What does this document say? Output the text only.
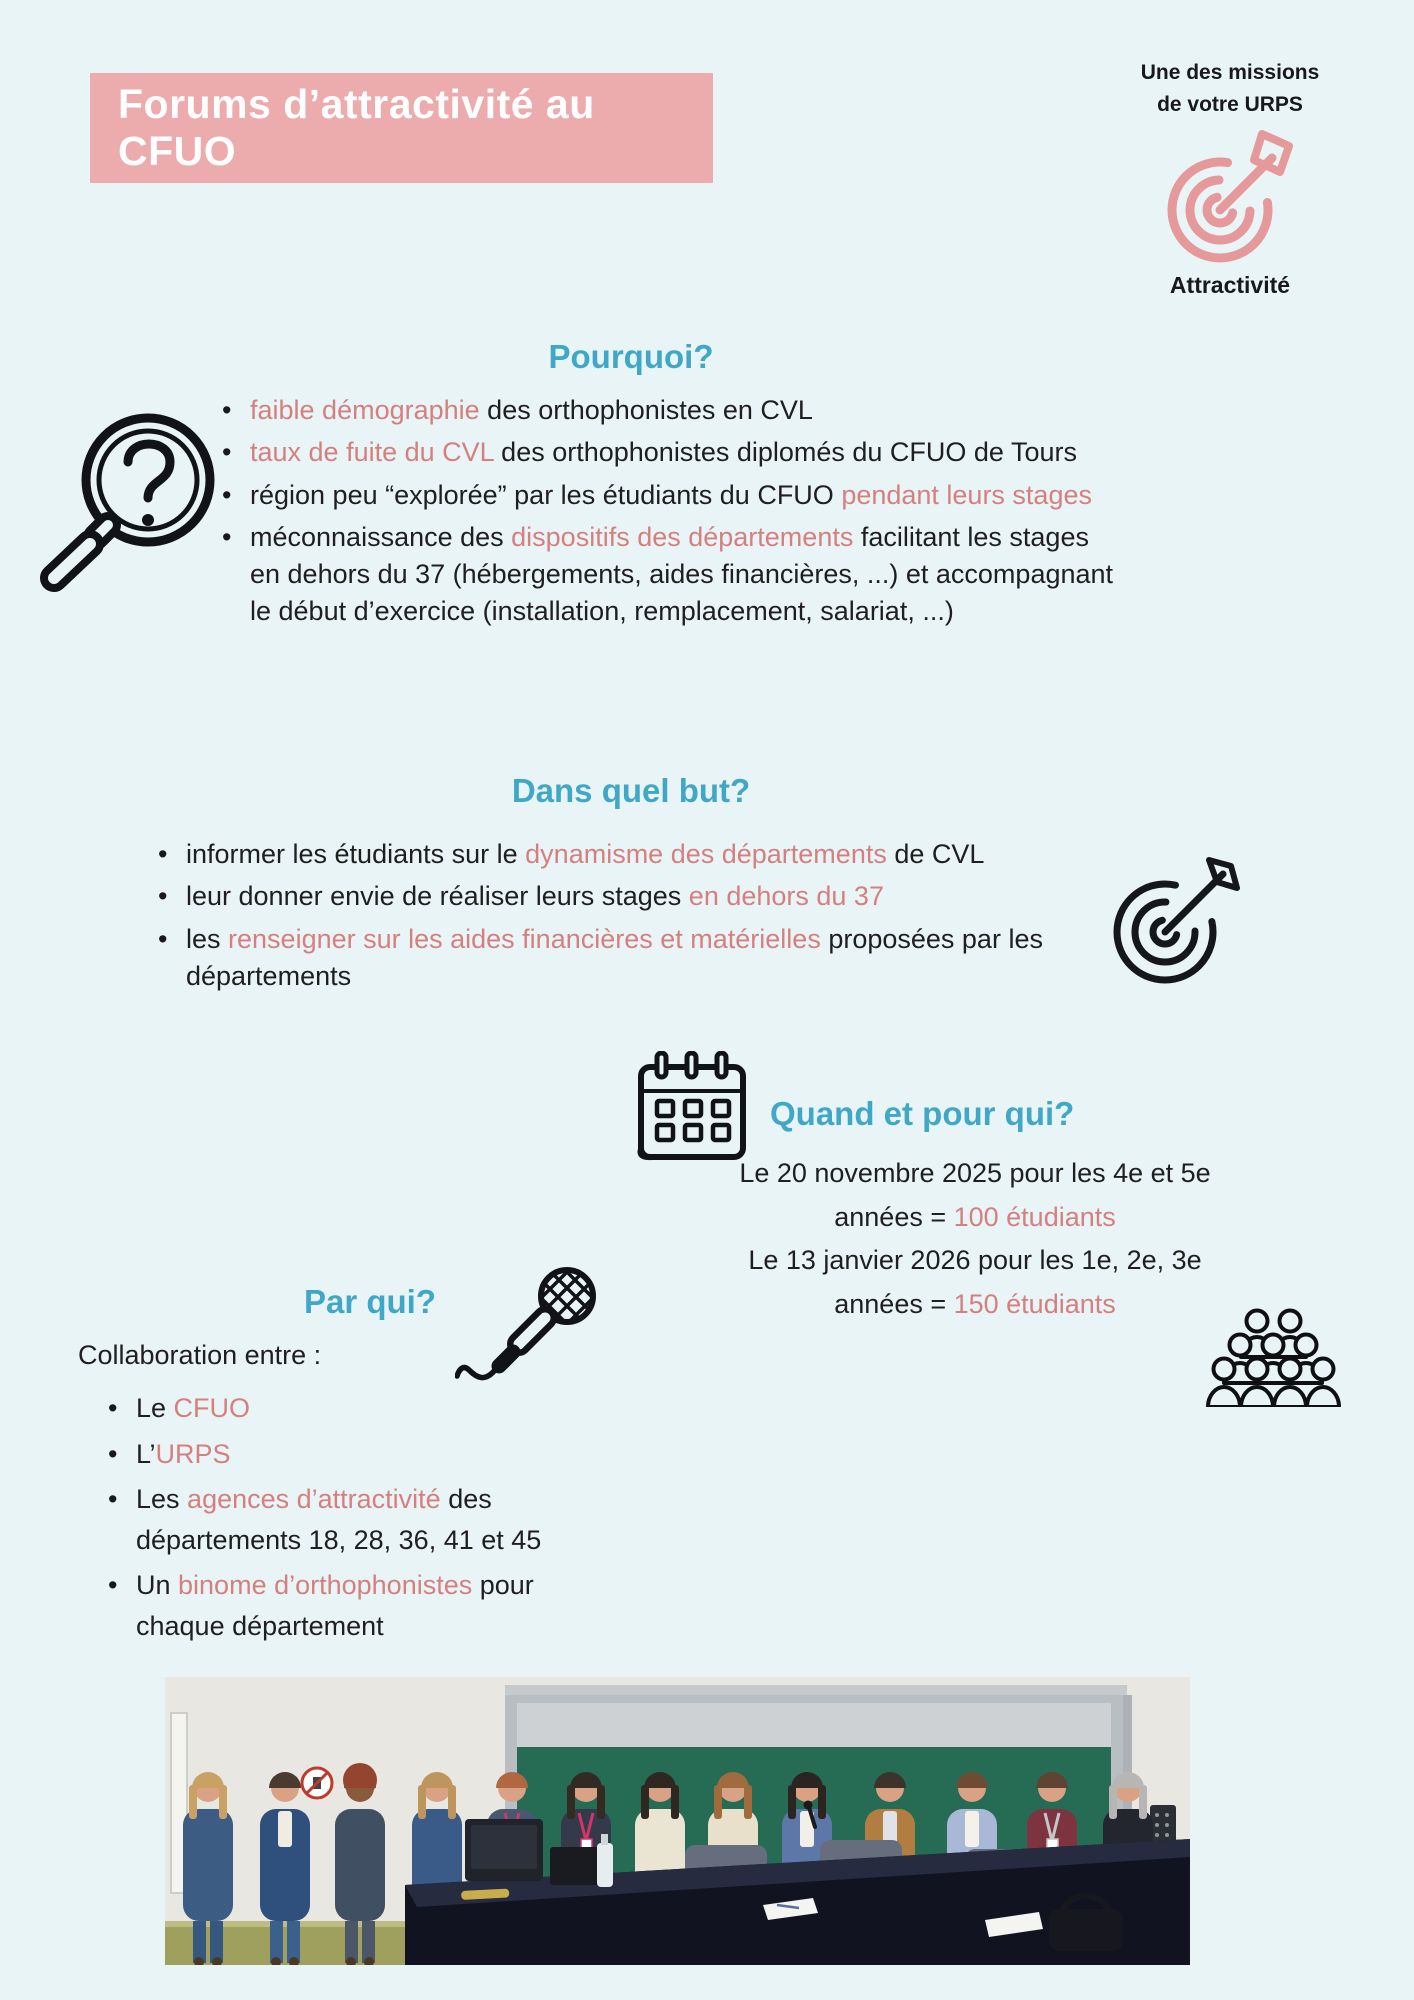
Forums d’attractivité au CFUO
Une des missions
de votre URPS
Attractivité
Pourquoi?
• faible démographie des orthophonistes en CVL
• taux de fuite du CVL des orthophonistes diplomés du CFUO de Tours
• région peu “explorée” par les étudiants du CFUO pendant leurs stages
• méconnaissance des dispositifs des départements facilitant les stages en dehors du 37 (hébergements, aides financières, ...) et accompagnant le début d’exercice (installation, remplacement, salariat, ...)
Dans quel but?
• informer les étudiants sur le dynamisme des départements de CVL
• leur donner envie de réaliser leurs stages en dehors du 37
• les renseigner sur les aides financières et matérielles proposées par les départements
Quand et pour qui?
Le 20 novembre 2025 pour les 4e et 5e
années = 100 étudiants
Le 13 janvier 2026 pour les 1e, 2e, 3e
années = 150 étudiants
Par qui?
Collaboration entre :
• Le CFUO
• L’URPS
• Les agences d’attractivité des départements 18, 28, 36, 41 et 45
• Un binome d’orthophonistes pour chaque département
